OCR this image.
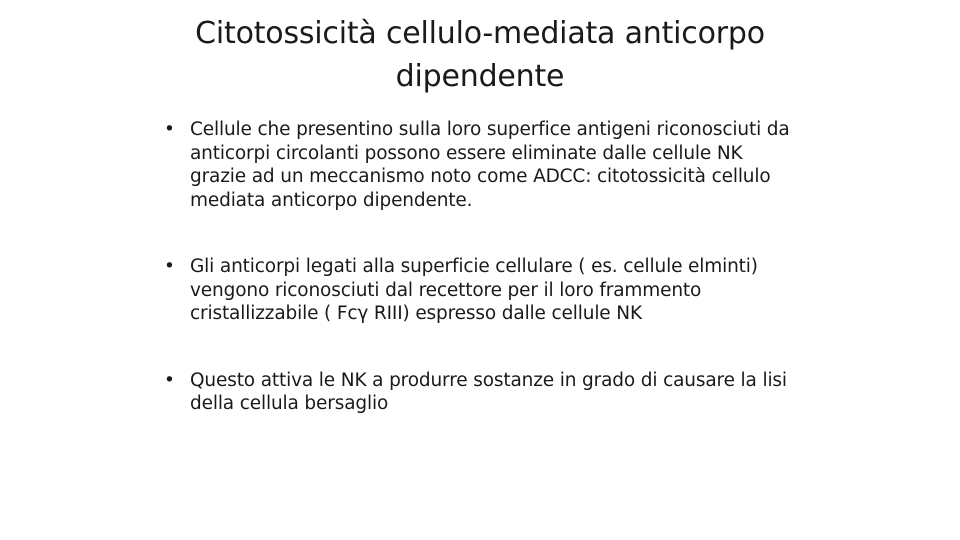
Citotossicità cellulo-mediata anticorpo
dipendente
• Cellule che presentino sulla loro superfice antigeni riconosciuti da anticorpi circolanti possono essere eliminate dalle cellule NK grazie ad un meccanismo noto come ADCC: citotossicità cellulo mediata anticorpo dipendente.
• Gli anticorpi legati alla superficie cellulare ( es. cellule elminti) vengono riconosciuti dal recettore per il loro frammento cristallizzabile ( Fcγ RIII) espresso dalle cellule NK
• Questo attiva le NK a produrre sostanze in grado di causare la lisi della cellula bersaglio
